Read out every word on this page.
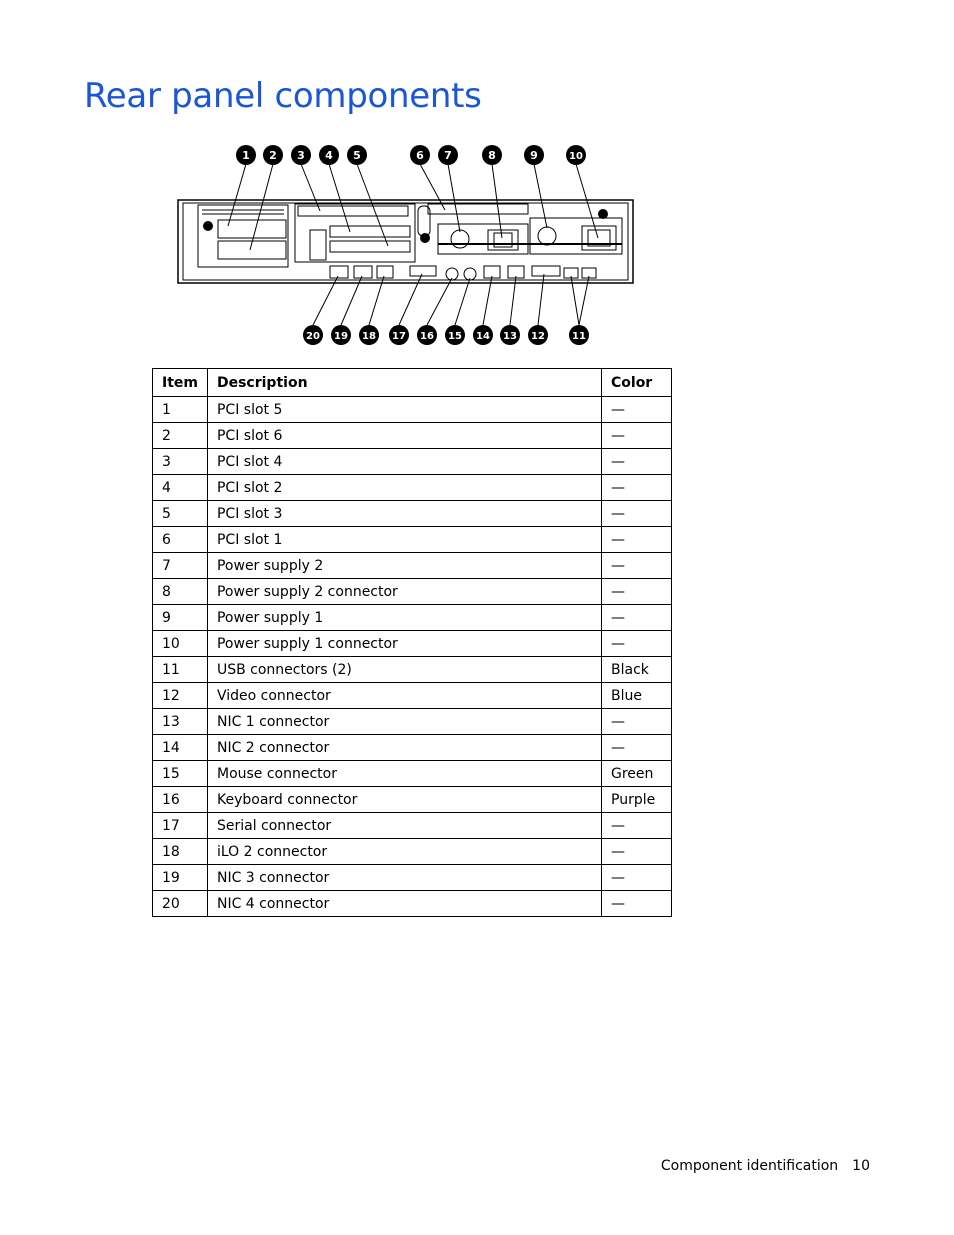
Rear panel components
1 2 3 4 5	6 7	8	9	10
20 19 18 17 16 15 14 13 12	11
Item	Description	Color
1	PCI slot 5	—
2	PCI slot 6	—
3	PCI slot 4	—
4	PCI slot 2	—
5	PCI slot 3	—
6	PCI slot 1	—
7	Power supply 2	—
8	Power supply 2 connector	—
9	Power supply 1	—
10	Power supply 1 connector	—
11	USB connectors (2)	Black
12	Video connector	Blue
13	NIC 1 connector	—
14	NIC 2 connector	—
15	Mouse connector	Green
16	Keyboard connector	Purple
17	Serial connector	—
18	iLO 2 connector	—
19	NIC 3 connector	—
20	NIC 4 connector	—
Component identification 10
